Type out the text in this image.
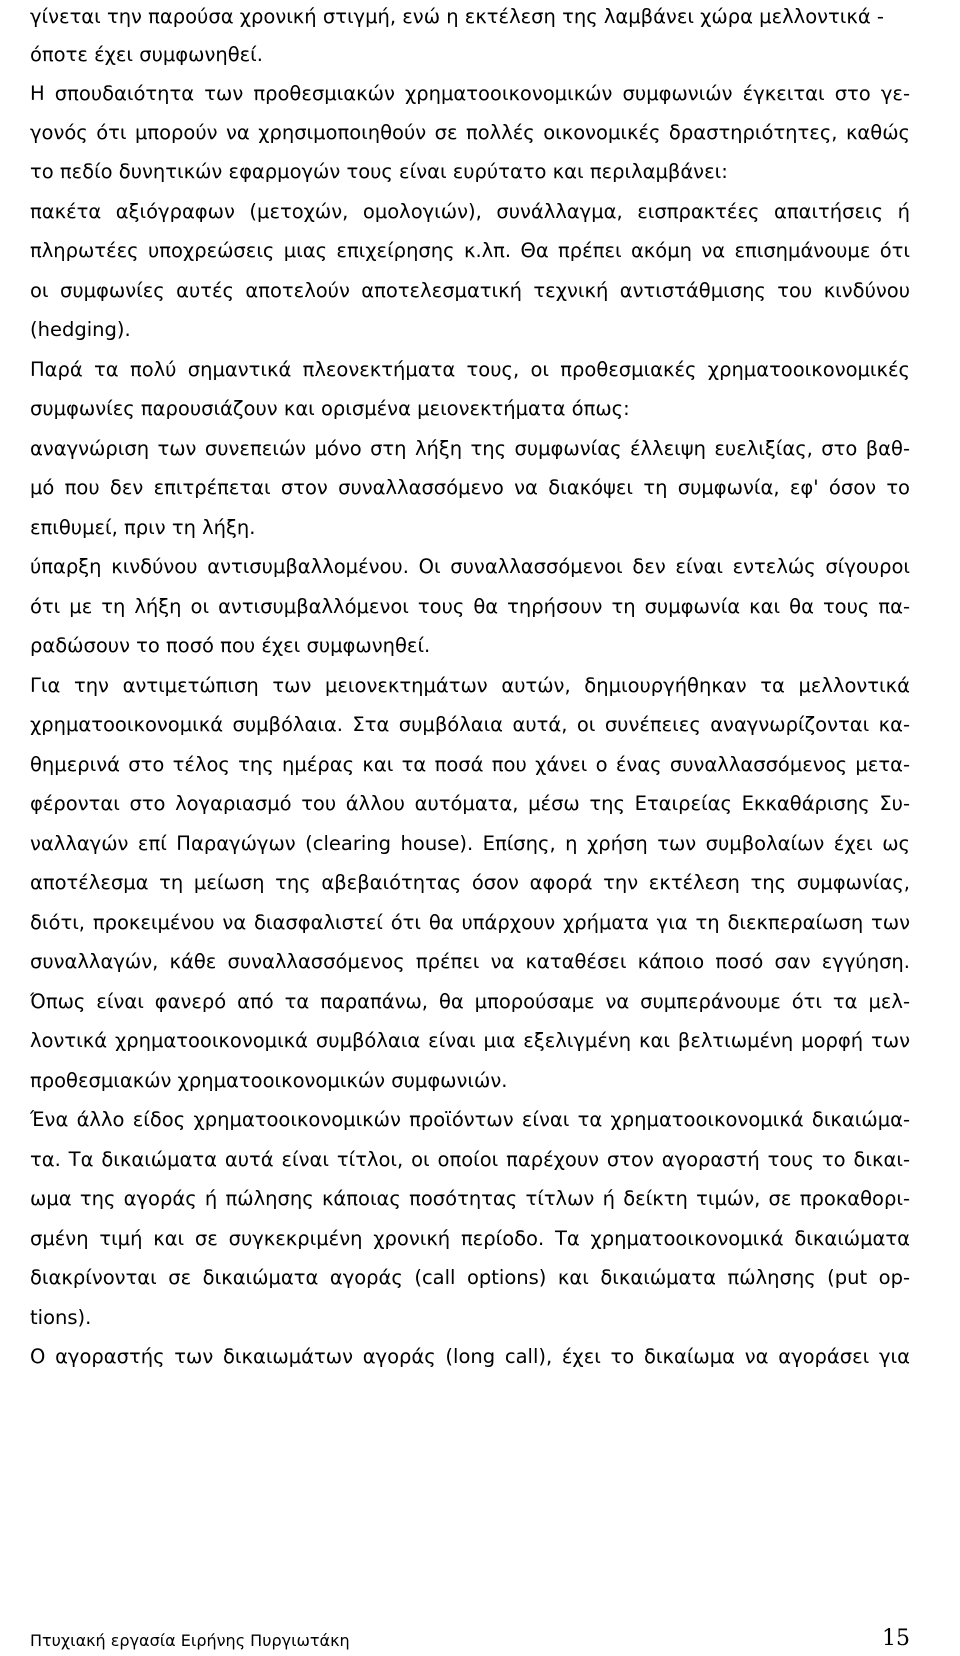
γίνεται την παρούσα χρονική στιγμή, ενώ η εκτέλεση της λαμβάνει χώρα μελλοντικά -
όποτε έχει συμφωνηθεί.
Η σπουδαιότητα των προθεσμιακών χρηματοοικονομικών συμφωνιών έγκειται στο γε-
γονός ότι μπορούν να χρησιμοποιηθούν σε πολλές οικονομικές δραστηριότητες, καθώς
το πεδίο δυνητικών εφαρμογών τους είναι ευρύτατο και περιλαμβάνει:
πακέτα αξιόγραφων (μετοχών, ομολογιών), συνάλλαγμα, εισπρακτέες απαιτήσεις ή
πληρωτέες υποχρεώσεις μιας επιχείρησης κ.λπ. Θα πρέπει ακόμη να επισημάνουμε ότι
οι συμφωνίες αυτές αποτελούν αποτελεσματική τεχνική αντιστάθμισης του κινδύνου
(hedging).
Παρά τα πολύ σημαντικά πλεονεκτήματα τους, οι προθεσμιακές χρηματοοικονομικές
συμφωνίες παρουσιάζουν και ορισμένα μειονεκτήματα όπως:
αναγνώριση των συνεπειών μόνο στη λήξη της συμφωνίας έλλειψη ευελιξίας, στο βαθ-
μό που δεν επιτρέπεται στον συναλλασσόμενο να διακόψει τη συμφωνία, εφ' όσον το
επιθυμεί, πριν τη λήξη.
ύπαρξη κινδύνου αντισυμβαλλομένου. Οι συναλλασσόμενοι δεν είναι εντελώς σίγουροι
ότι με τη λήξη οι αντισυμβαλλόμενοι τους θα τηρήσουν τη συμφωνία και θα τους πα-
ραδώσουν το ποσό που έχει συμφωνηθεί.
Για την αντιμετώπιση των μειονεκτημάτων αυτών, δημιουργήθηκαν τα μελλοντικά
χρηματοοικονομικά συμβόλαια. Στα συμβόλαια αυτά, οι συνέπειες αναγνωρίζονται κα-
θημερινά στο τέλος της ημέρας και τα ποσά που χάνει ο ένας συναλλασσόμενος μετα-
φέρονται στο λογαριασμό του άλλου αυτόματα, μέσω της Εταιρείας Εκκαθάρισης Συ-
ναλλαγών επί Παραγώγων (clearing house). Επίσης, η χρήση των συμβολαίων έχει ως
αποτέλεσμα τη μείωση της αβεβαιότητας όσον αφορά την εκτέλεση της συμφωνίας,
διότι, προκειμένου να διασφαλιστεί ότι θα υπάρχουν χρήματα για τη διεκπεραίωση των
συναλλαγών, κάθε συναλλασσόμενος πρέπει να καταθέσει κάποιο ποσό σαν εγγύηση.
Όπως είναι φανερό από τα παραπάνω, θα μπορούσαμε να συμπεράνουμε ότι τα μελ-
λοντικά χρηματοοικονομικά συμβόλαια είναι μια εξελιγμένη και βελτιωμένη μορφή των
προθεσμιακών χρηματοοικονομικών συμφωνιών.
Ένα άλλο είδος χρηματοοικονομικών προϊόντων είναι τα χρηματοοικονομικά δικαιώμα-
τα. Τα δικαιώματα αυτά είναι τίτλοι, οι οποίοι παρέχουν στον αγοραστή τους το δικαι-
ωμα της αγοράς ή πώλησης κάποιας ποσότητας τίτλων ή δείκτη τιμών, σε προκαθορι-
σμένη τιμή και σε συγκεκριμένη χρονική περίοδο. Τα χρηματοοικονομικά δικαιώματα
διακρίνονται σε δικαιώματα αγοράς (call options) και δικαιώματα πώλησης (put op-
tions).
Ο αγοραστής των δικαιωμάτων αγοράς (long call), έχει το δικαίωμα να αγοράσει για
Πτυχιακή εργασία Ειρήνης Πυργιωτάκη	15
